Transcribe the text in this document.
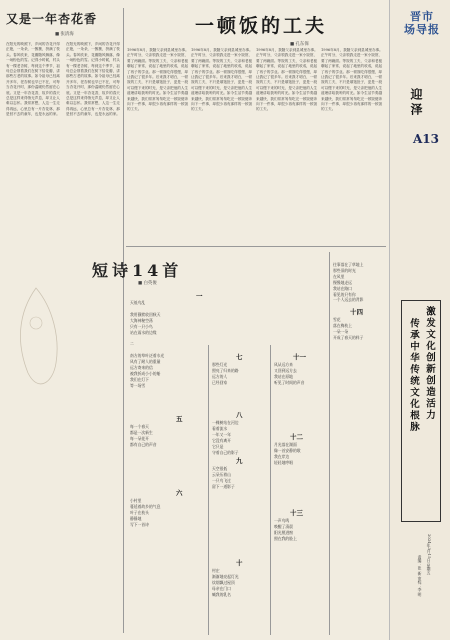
又是一年杏花香
■ 张清海
在阳光的映照下，乡间的杏花开得正艳，一朵朵，一簇簇，挤满了枝头。春风吹来，花瓣随风飘落，像一场粉色的雪。记得小时候，村头有一棵老杏树，每到这个季节，祖母总会领着我们在树下拾花瓣，讲那些古老的故事。如今祖母已经离开多年，老杏树也早已不在，可每当杏花开时，那份温暖仍然留在心底。又是一年杏花香，故乡的春天总是这样来得悄无声息，却又让人难以忘怀。我常常想，人这一生走得再远，心里总有一片杏花林，那是回不去的童年，也是永远的家。
在阳光的映照下，乡间的杏花开得正艳，一朵朵，一簇簇，挤满了枝头。春风吹来，花瓣随风飘落，像一场粉色的雪。记得小时候，村头有一棵老杏树，每到这个季节，祖母总会领着我们在树下拾花瓣，讲那些古老的故事。如今祖母已经离开多年，老杏树也早已不在，可每当杏花开时，那份温暖仍然留在心底。又是一年杏花香，故乡的春天总是这样来得悄无声息，却又让人难以忘怀。我常常想，人这一生走得再远，心里总有一片杏花林，那是回不去的童年，也是永远的家。
一顿饭的工夫
■ 孔东保
1996年8月，我随父亲到县城里办事。正午时分，父亲领我走进一家小饭馆，要了两碗面。等饭的工夫，父亲和老板聊起了家常，说起了地里的收成，说起了孩子的学业。那一顿饭吃得很慢，却让我记了很多年。后来我才明白，一顿饭的工夫，不只是填饱肚子，更是一段可以慢下来的时光，是父亲把他的人生道理讲给我听的时光。如今生活节奏越来越快，我们常常匆匆吃完一顿饭便奔向下一件事，却很少再有那样的一顿饭的工夫。
1996年8月，我随父亲到县城里办事。正午时分，父亲领我走进一家小饭馆，要了两碗面。等饭的工夫，父亲和老板聊起了家常，说起了地里的收成，说起了孩子的学业。那一顿饭吃得很慢，却让我记了很多年。后来我才明白，一顿饭的工夫，不只是填饱肚子，更是一段可以慢下来的时光，是父亲把他的人生道理讲给我听的时光。如今生活节奏越来越快，我们常常匆匆吃完一顿饭便奔向下一件事，却很少再有那样的一顿饭的工夫。
1996年8月，我随父亲到县城里办事。正午时分，父亲领我走进一家小饭馆，要了两碗面。等饭的工夫，父亲和老板聊起了家常，说起了地里的收成，说起了孩子的学业。那一顿饭吃得很慢，却让我记了很多年。后来我才明白，一顿饭的工夫，不只是填饱肚子，更是一段可以慢下来的时光，是父亲把他的人生道理讲给我听的时光。如今生活节奏越来越快，我们常常匆匆吃完一顿饭便奔向下一件事，却很少再有那样的一顿饭的工夫。
1996年8月，我随父亲到县城里办事。正午时分，父亲领我走进一家小饭馆，要了两碗面。等饭的工夫，父亲和老板聊起了家常，说起了地里的收成，说起了孩子的学业。那一顿饭吃得很慢，却让我记了很多年。后来我才明白，一顿饭的工夫，不只是填饱肚子，更是一段可以慢下来的时光，是父亲把他的人生道理讲给我听的时光。如今生活节奏越来越快，我们常常匆匆吃完一顿饭便奔向下一件事，却很少再有那样的一顿饭的工夫。
短诗14首
■ 白英俊
一
天低鸟乱

我用静默收回秋天
大海神秘空荡
只有一只小鸟
站在雨水的边缘

二

南方的草叶泛着水光
风有了耐人的重量
远方寄来的信
被我折成小小的船
我们在灯下
等一场雪
五
每一个春天
都是一次新生
每一朵花开
都有自己的声音
六
小村里
蔓延着故乡的气息
叶子在枝头
静静地
写下一首诗
七
那些灯光
照亮了归来的路
远方的人
已经回家
八
一棵树站在河边
看着流水
一年又一年
它没有离开
它只是
守着自己的影子
九
天空很低
云朵压着山
一只鸟飞过
留下一道影子
十
村庄
渐渐地亮起灯光
炊烟飘过屋顶
母亲在门口
喊我的乳名
十一
风从远方来
又回到远方去
我站在原地
听见了时间的声音
十二
月光落在湖面
像一首安静的歌
我在岸边
轻轻地哼唱
十三
一声鸟鸣
唤醒了清晨
阳光照进窗
照在我的脸上
往事落在了草地上
那些旧的时光
在风里
慢慢地走远
我站在路口
看见的只有你
一个人远去的背影
十四
雪花
落在梅枝上
一朵一朵
开成了春天的样子
晋市
场导报
迎泽
A13
激发文化创新创造活力
传承中华传统文化根脉
2024年3月15日 星期五
责编：张 新 审校：李 明
